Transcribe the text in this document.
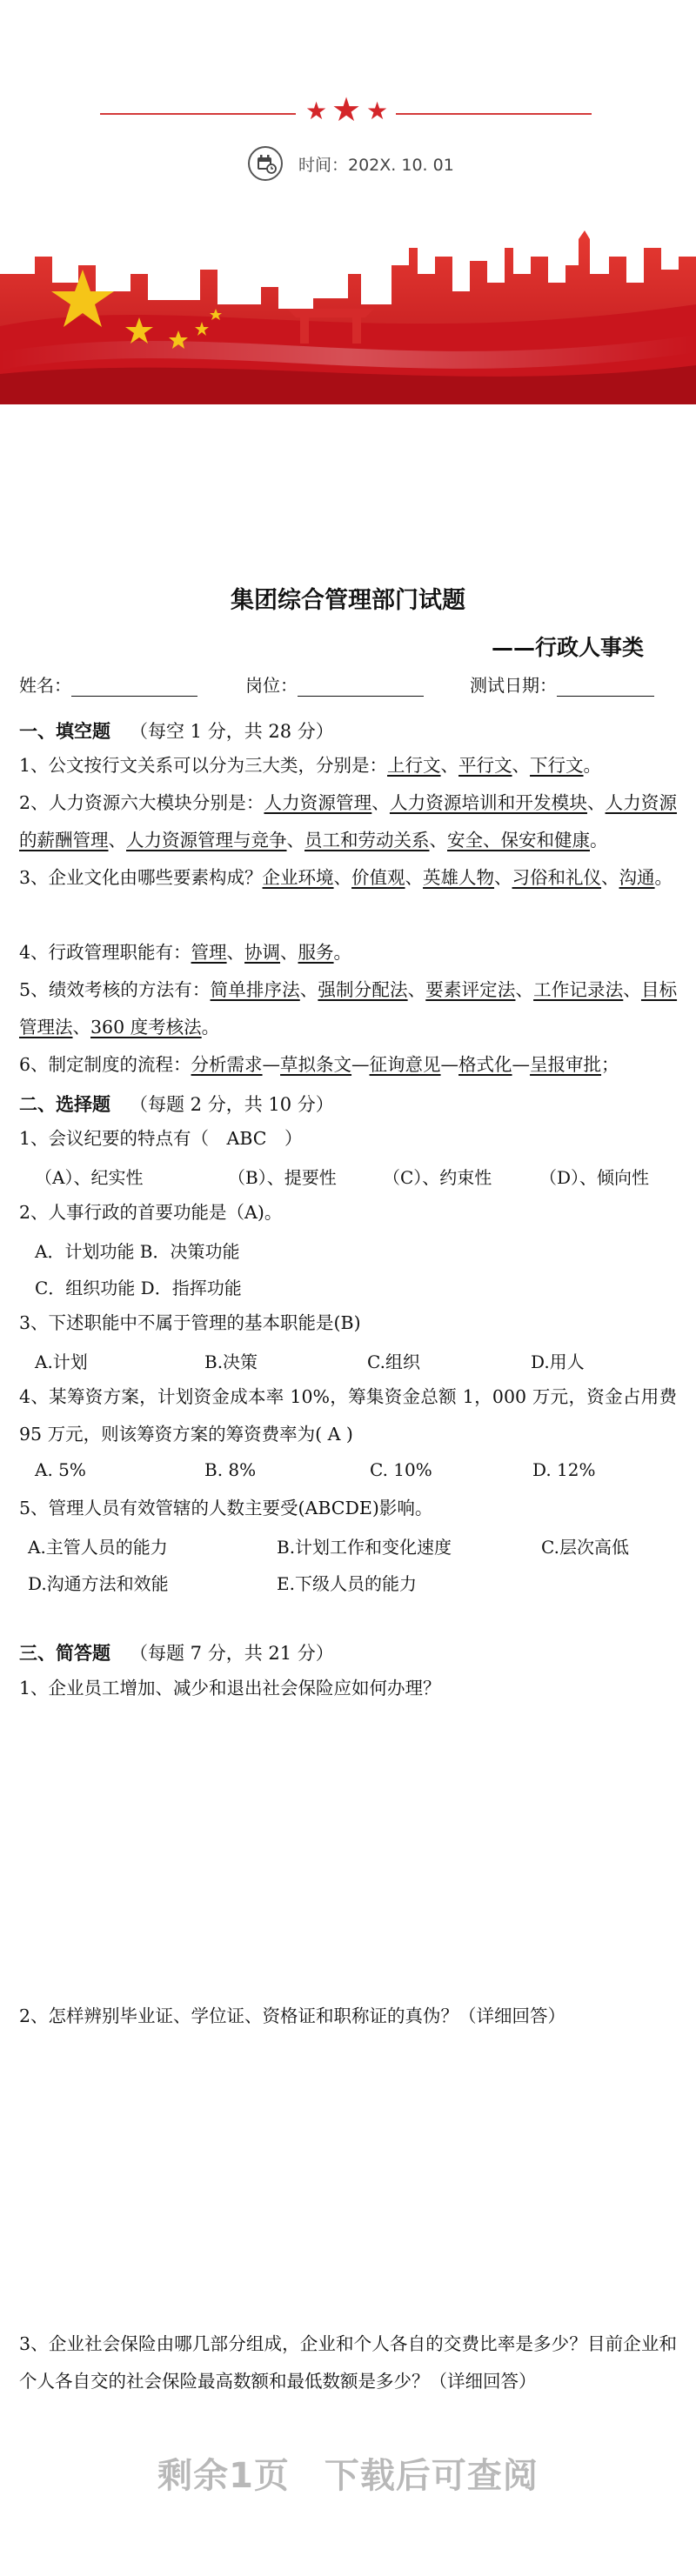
★ ★ ★
时间：202X. 10. 01
集团综合管理部门试题
——行政人事类
姓名：	岗位：	测试日期：
一、填空题 （每空 1 分，共 28 分）
1、公文按行文关系可以分为三大类，分别是：上行文、平行文、下行文。
2、人力资源六大模块分别是：人力资源管理、人力资源培训和开发模块、人力资源的薪酬管理、人力资源管理与竞争、员工和劳动关系、安全、保安和健康。
3、企业文化由哪些要素构成？企业环境、价值观、英雄人物、习俗和礼仪、沟通。
4、行政管理职能有：管理、协调、服务。
5、绩效考核的方法有：简单排序法、强制分配法、要素评定法、工作记录法、目标管理法、360 度考核法。
6、制定制度的流程：分析需求—草拟条文—征询意见—格式化—呈报审批；
二、选择题 （每题 2 分，共 10 分）
1、会议纪要的特点有（　ABC　）
（A）、纪实性	（B）、提要性	（C）、约束性	（D）、倾向性
2、人事行政的首要功能是（A)。
A．计划功能 B．决策功能
C．组织功能 D．指挥功能
3、下述职能中不属于管理的基本职能是(B)
A.计划	B.决策	C.组织	D.用人
4、某筹资方案，计划资金成本率 10%，筹集资金总额 1，000 万元，资金占用费 95 万元，则该筹资方案的筹资费率为( A )
A. 5%	B. 8%	C. 10%	D. 12%
5、管理人员有效管辖的人数主要受(ABCDE)影响。
A.主管人员的能力	B.计划工作和变化速度	C.层次高低
D.沟通方法和效能	E.下级人员的能力
三、简答题 （每题 7 分，共 21 分）
1、企业员工增加、减少和退出社会保险应如何办理？
2、怎样辨别毕业证、学位证、资格证和职称证的真伪？（详细回答）
3、企业社会保险由哪几部分组成，企业和个人各自的交费比率是多少？目前企业和个人各自交的社会保险最高数额和最低数额是多少？（详细回答）
剩余1页 下载后可查阅
